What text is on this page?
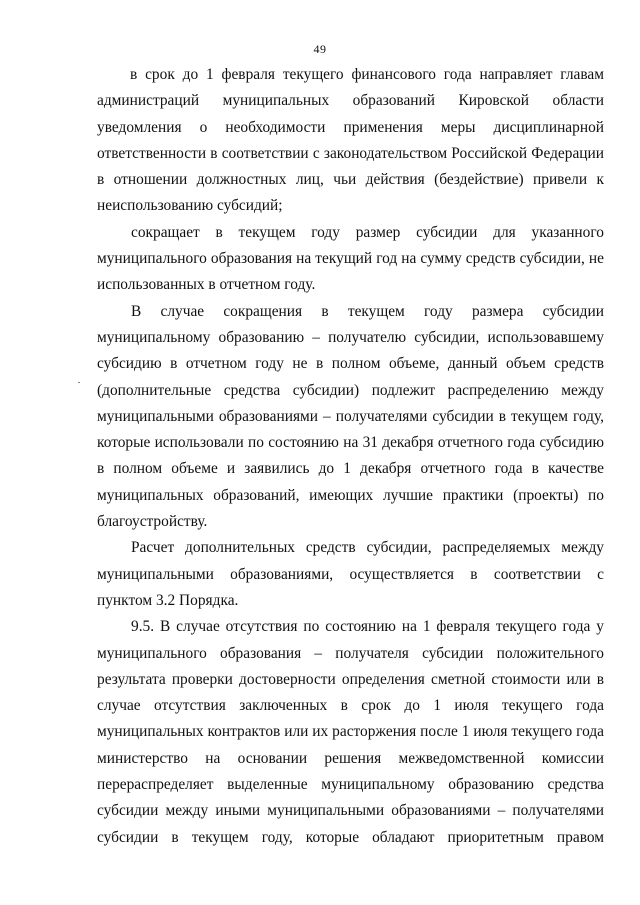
49

в срок до 1 февраля текущего финансового года направляет главам

администраций муниципальных образований Кировской области

уведомления о необходимости применения меры дисциплинарной

ответственности в соответствии с законодательством Российской Федерации

в отношении должностных лиц, чьи действия (бездействие) привели к

неиспользованию субсидий;

сокращает в текущем году размер субсидии для указанного

муниципального образования на текущий год на сумму средств субсидии, не

использованных в отчетном году.

В случае сокращения в текущем году размера субсидии

муниципальному образованию – получателю субсидии, использовавшему

субсидию в отчетном году не в полном объеме, данный объем средств

(дополнительные средства субсидии) подлежит распределению между

муниципальными образованиями – получателями субсидии в текущем году,

которые использовали по состоянию на 31 декабря отчетного года субсидию

в полном объеме и заявились до 1 декабря отчетного года в качестве

муниципальных образований, имеющих лучшие практики (проекты) по

благоустройству.

Расчет дополнительных средств субсидии, распределяемых между

муниципальными образованиями, осуществляется в соответствии с

пунктом 3.2 Порядка.

9.5. В случае отсутствия по состоянию на 1 февраля текущего года у

муниципального образования – получателя субсидии положительного

результата проверки достоверности определения сметной стоимости или в

случае отсутствия заключенных в срок до 1 июля текущего года

муниципальных контрактов или их расторжения после 1 июля текущего года

министерство на основании решения межведомственной комиссии

перераспределяет выделенные муниципальному образованию средства

субсидии между иными муниципальными образованиями – получателями

субсидии в текущем году, которые обладают приоритетным правом
